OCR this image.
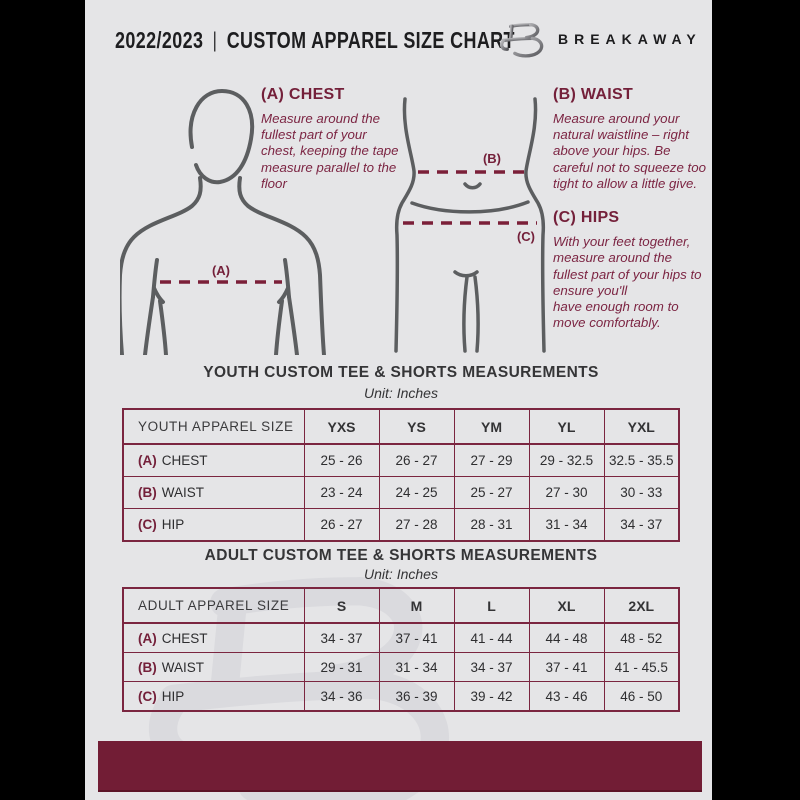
2022/2023 | CUSTOM APPAREL SIZE CHART	BREAKAWAY
(A)
(B)
(C)

(A) CHEST

Measure around the fullest part of your chest, keeping the tape measure parallel to the floor

(B) WAIST

Measure around your natural waistline – right above your hips. Be careful not to squeeze too tight to allow a little give.

(C) HIPS

With your feet together, measure around the fullest part of your hips to ensure you'll
have enough room to move comfortably.

YOUTH CUSTOM TEE & SHORTS MEASUREMENTS
Unit: Inches
YOUTH APPAREL SIZE	YXS	YS	YM	YL	YXL
(A) CHEST	25 - 26	26 - 27	27 - 29	29 - 32.5	32.5 - 35.5
(B) WAIST	23 - 24	24 - 25	25 - 27	27 - 30	30 - 33
(C) HIP	26 - 27	27 - 28	28 - 31	31 - 34	34 - 37
ADULT CUSTOM TEE & SHORTS MEASUREMENTS
Unit: Inches
ADULT APPAREL SIZE	S	M	L	XL	2XL
(A) CHEST	34 - 37	37 - 41	41 - 44	44 - 48	48 - 52
(B) WAIST	29 - 31	31 - 34	34 - 37	37 - 41	41 - 45.5
(C) HIP	34 - 36	36 - 39	39 - 42	43 - 46	46 - 50
